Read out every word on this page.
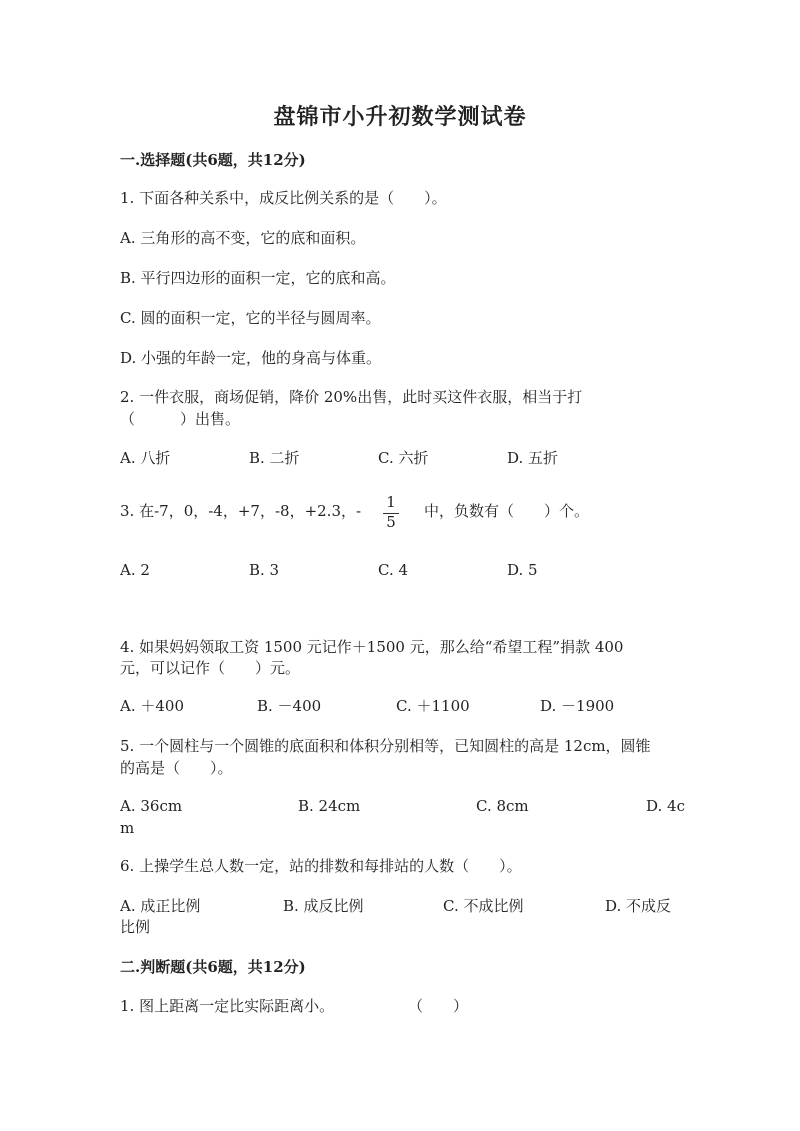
盘锦市小升初数学测试卷
一.选择题(共6题，共12分)
1. 下面各种关系中，成反比例关系的是（　　）。
A. 三角形的高不变，它的底和面积。
B. 平行四边形的面积一定，它的底和高。
C. 圆的面积一定，它的半径与圆周率。
D. 小强的年龄一定，他的身高与体重。
2. 一件衣服，商场促销，降价 20%出售，此时买这件衣服，相当于打
（　　　）出售。
A. 八折	B. 二折	C. 六折	D. 五折
3. 在-7，0，-4，+7，-8，+2.3，-	1
5
中，负数有（　　）个。
A. 2	B. 3	C. 4	D. 5
4. 如果妈妈领取工资 1500 元记作＋1500 元，那么给“希望工程”捐款 400
元，可以记作（　　）元。
A. ＋400	B. －400	C. ＋1100	D. －1900
5. 一个圆柱与一个圆锥的底面积和体积分别相等，已知圆柱的高是 12cm，圆锥
的高是（　　）。
A. 36cm	B. 24cm	C. 8cm	D. 4c
m
6. 上操学生总人数一定，站的排数和每排站的人数（　　）。
A. 成正比例	B. 成反比例	C. 不成比例	D. 不成反
比例
二.判断题(共6题，共12分)
1. 图上距离一定比实际距离小。	（　　）
